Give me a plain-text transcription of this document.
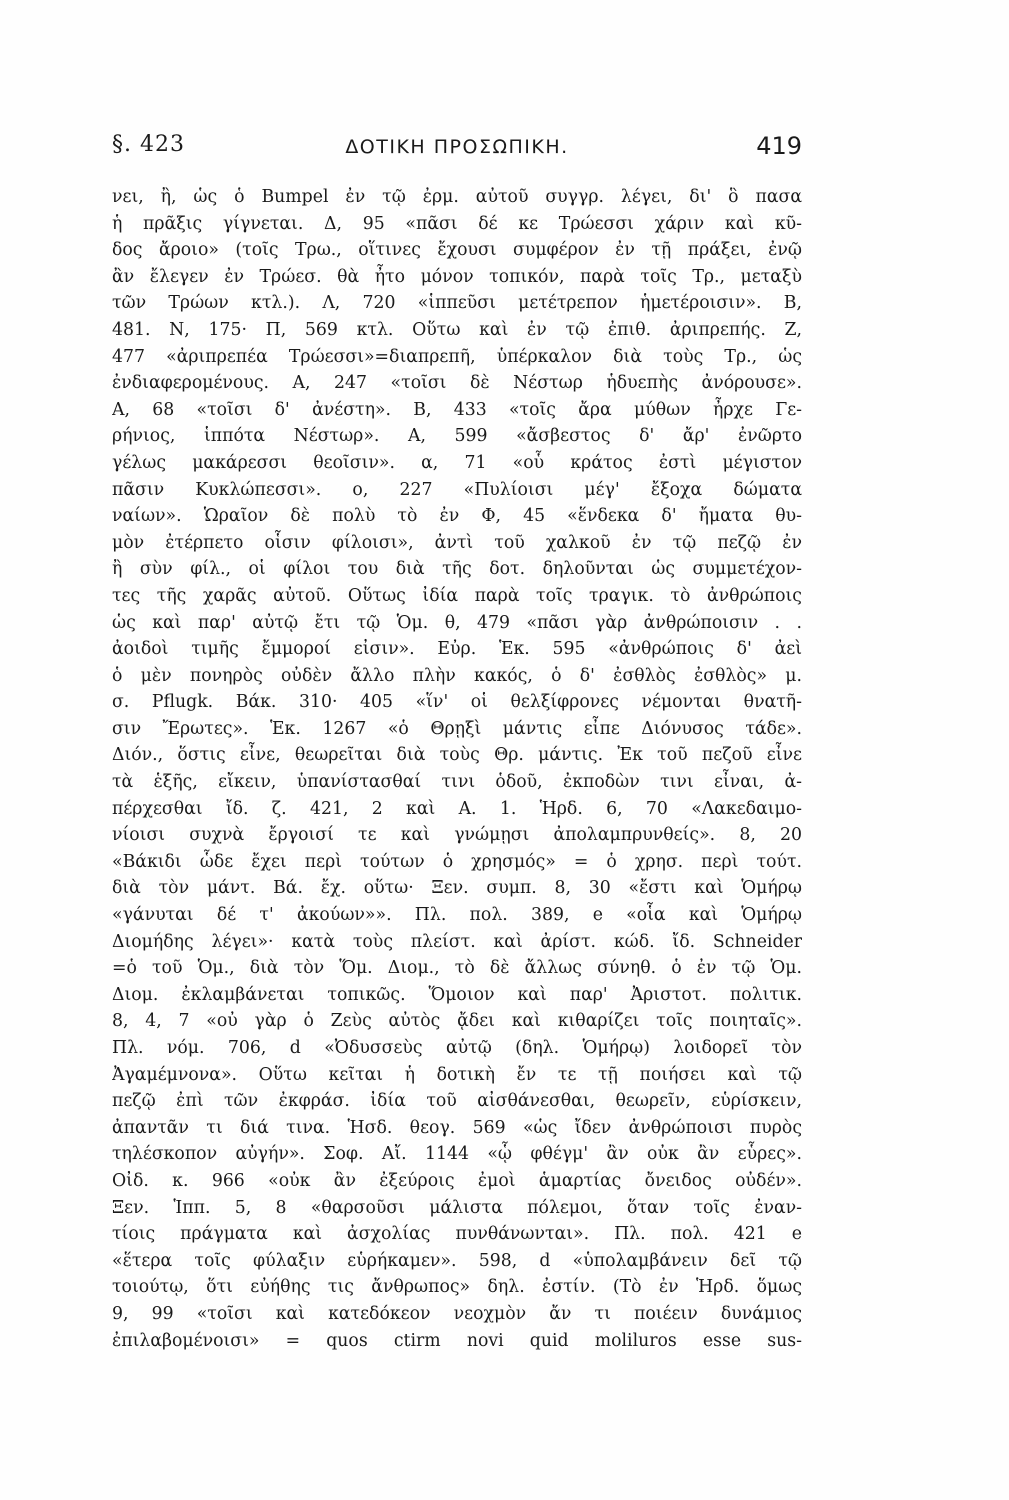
§. 423	ΔΟΤΙΚΗ ΠΡΟΣΩΠΙΚΗ.	419
νει, ἢ, ὡς ὁ Bumpel ἐν τῷ ἐρμ. αὐτοῦ συγγρ. λέγει, δι' ὃ πασα
ἡ πρᾶξις γίγνεται. Δ, 95 «πᾶσι δέ κε Τρώεσσι χάριν καὶ κῦ-
δος ἄροιο» (τοῖς Τρω., οἵτινες ἔχουσι συμφέρον ἐν τῇ πράξει, ἐνῷ
ἂν ἔλεγεν ἐν Τρώεσ. θὰ ἦτο μόνον τοπικόν, παρὰ τοῖς Τρ., μεταξὺ
τῶν Τρώων κτλ.). Λ, 720 «ἱππεῦσι μετέτρεπον ἡμετέροισιν». Β,
481. Ν, 175· Π, 569 κτλ. Οὕτω καὶ ἐν τῷ ἐπιθ. ἀριπρεπής. Ζ,
477 «ἀριπρεπέα Τρώεσσι»=διαπρεπῆ, ὑπέρκαλον διὰ τοὺς Τρ., ὡς
ἐνδιαφερομένους. Α, 247 «τοῖσι δὲ Νέστωρ ἡδυεπὴς ἀνόρουσε».
Α, 68 «τοῖσι δ' ἀνέστη». Β, 433 «τοῖς ἄρα μύθων ἦρχε Γε-
ρήνιος, ἱππότα Νέστωρ». Α, 599 «ἄσβεστος δ' ἄρ' ἐνῶρτο
γέλως μακάρεσσι θεοῖσιν». α, 71 «οὗ κράτος ἐστὶ μέγιστον
πᾶσιν Κυκλώπεσσι». ο, 227 «Πυλίοισι μέγ' ἔξοχα δώματα
ναίων». Ὡραῖον δὲ πολὺ τὸ ἐν Φ, 45 «ἕνδεκα δ' ἤματα θυ-
μὸν ἐτέρπετο οἷσιν φίλοισι», ἀντὶ τοῦ χαλκοῦ ἐν τῷ πεζῷ ἐν
ἢ σὺν φίλ., οἱ φίλοι του διὰ τῆς δοτ. δηλοῦνται ὡς συμμετέχον-
τες τῆς χαρᾶς αὐτοῦ. Οὕτως ἰδία παρὰ τοῖς τραγικ. τὸ ἀνθρώποις
ὡς καὶ παρ' αὐτῷ ἔτι τῷ Ὁμ. θ, 479 «πᾶσι γὰρ ἀνθρώποισιν . .
ἀοιδοὶ τιμῆς ἔμμοροί εἰσιν». Εὐρ. Ἑκ. 595 «ἀνθρώποις δ' ἀεὶ
ὁ μὲν πονηρὸς οὐδὲν ἄλλο πλὴν κακός, ὁ δ' ἐσθλὸς ἐσθλὸς» μ.
σ. Pflugk. Βάκ. 310· 405 «ἵν' οἱ θελξίφρονες νέμονται θνατῆ-
σιν Ἔρωτες». Ἑκ. 1267 «ὁ Θρῃξὶ μάντις εἶπε Διόνυσος τάδε».
Διόν., ὅστις εἶνε, θεωρεῖται διὰ τοὺς Θρ. μάντις. Ἐκ τοῦ πεζοῦ εἶνε
τὰ ἑξῆς, εἴκειν, ὑπανίστασθαί τινι ὁδοῦ, ἐκποδὼν τινι εἶναι, ἀ-
πέρχεσθαι ἴδ. ζ. 421, 2 καὶ Α. 1. Ἡρδ. 6, 70 «Λακεδαιμο-
νίοισι συχνὰ ἔργοισί τε καὶ γνώμῃσι ἀπολαμπρυνθείς». 8, 20
«Βάκιδι ὧδε ἔχει περὶ τούτων ὁ χρησμός» = ὁ χρησ. περὶ τούτ.
διὰ τὸν μάντ. Βά. ἔχ. οὕτω· Ξεν. συμπ. 8, 30 «ἔστι καὶ Ὁμήρῳ
«γάνυται δέ τ' ἀκούων»». Πλ. πολ. 389, e «οἷα καὶ Ὁμήρῳ
Διομήδης λέγει»· κατὰ τοὺς πλείστ. καὶ ἀρίστ. κώδ. ἴδ. Schneider
=ὁ τοῦ Ὁμ., διὰ τὸν Ὅμ. Διομ., τὸ δὲ ἄλλως σύνηθ. ὁ ἐν τῷ Ὁμ.
Διομ. ἐκλαμβάνεται τοπικῶς. Ὅμοιον καὶ παρ' Ἀριστοτ. πολιτικ.
8, 4, 7 «οὐ γὰρ ὁ Ζεὺς αὐτὸς ᾄδει καὶ κιθαρίζει τοῖς ποιηταῖς».
Πλ. νόμ. 706, d «Ὀδυσσεὺς αὐτῷ (δηλ. Ὁμήρῳ) λοιδορεῖ τὸν
Ἀγαμέμνονα». Οὕτω κεῖται ἡ δοτικὴ ἔν τε τῇ ποιήσει καὶ τῷ
πεζῷ ἐπὶ τῶν ἐκφράσ. ἰδία τοῦ αἰσθάνεσθαι, θεωρεῖν, εὑρίσκειν,
ἀπαντᾶν τι διά τινα. Ἡσδ. θεογ. 569 «ὡς ἴδεν ἀνθρώποισι πυρὸς
τηλέσκοπον αὐγήν». Σοφ. Αἴ. 1144 «ᾧ φθέγμ' ἂν οὐκ ἂν εὗρες».
Οἰδ. κ. 966 «οὐκ ἂν ἐξεύροις ἐμοὶ ἁμαρτίας ὄνειδος οὐδέν».
Ξεν. Ἱππ. 5, 8 «θαρσοῦσι μάλιστα πόλεμοι, ὅταν τοῖς ἐναν-
τίοις πράγματα καὶ ἀσχολίας πυνθάνωνται». Πλ. πολ. 421 e
«ἕτερα τοῖς φύλαξιν εὑρήκαμεν». 598, d «ὑπολαμβάνειν δεῖ τῷ
τοιούτῳ, ὅτι εὐήθης τις ἄνθρωπος» δηλ. ἐστίν. (Τὸ ἐν Ἡρδ. ὅμως
9, 99 «τοῖσι καὶ κατεδόκεον νεοχμὸν ἄν τι ποιέειν δυνάμιος
ἐπιλαβομένοισι» = quos ctirm novi quid moliluros esse sus-
